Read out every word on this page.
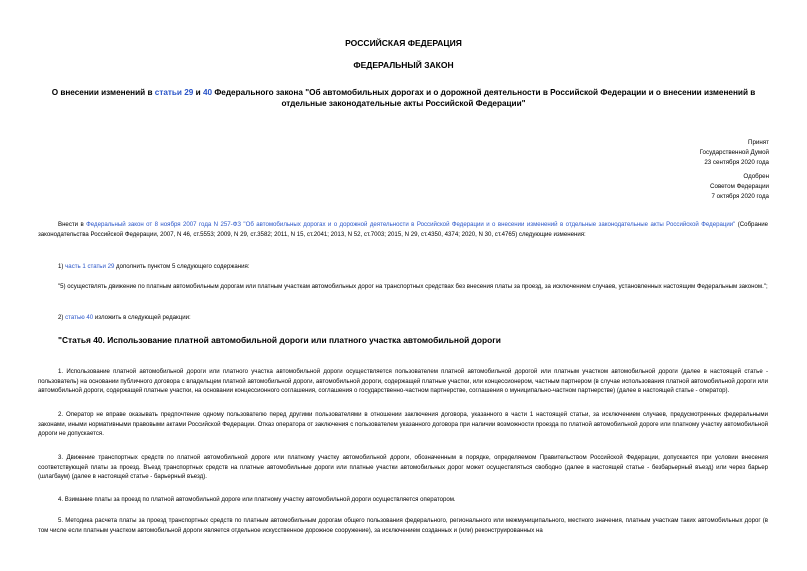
РОССИЙСКАЯ ФЕДЕРАЦИЯ
ФЕДЕРАЛЬНЫЙ ЗАКОН
О внесении изменений в статьи 29 и 40 Федерального закона "Об автомобильных дорогах и о дорожной деятельности в Российской Федерации и о внесении изменений в отдельные законодательные акты Российской Федерации"
Принят
Государственной Думой
23 сентября 2020 года
Одобрен
Советом Федерации
7 октября 2020 года
Внести в Федеральный закон от 8 ноября 2007 года N 257-ФЗ "Об автомобильных дорогах и о дорожной деятельности в Российской Федерации и о внесении изменений в отдельные законодательные акты Российской Федерации" (Собрание законодательства Российской Федерации, 2007, N 46, ст.5553; 2009, N 29, ст.3582; 2011, N 15, ст.2041; 2013, N 52, ст.7003; 2015, N 29, ст.4350, 4374; 2020, N 30, ст.4765) следующие изменения:
1) часть 1 статьи 29 дополнить пунктом 5 следующего содержания:
"5) осуществлять движение по платным автомобильным дорогам или платным участкам автомобильных дорог на транспортных средствах без внесения платы за проезд, за исключением случаев, установленных настоящим Федеральным законом.";
2) статью 40 изложить в следующей редакции:
"Статья 40. Использование платной автомобильной дороги или платного участка автомобильной дороги
1. Использование платной автомобильной дороги или платного участка автомобильной дороги осуществляется пользователем платной автомобильной дорогой или платным участком автомобильной дороги (далее в настоящей статье - пользователь) на основании публичного договора с владельцем платной автомобильной дороги, автомобильной дороги, содержащей платные участки, или концессионером, частным партнером (в случае использования платной автомобильной дороги или автомобильной дороги, содержащей платные участки, на основании концессионного соглашения, соглашения о государственно-частном партнерстве, соглашения о муниципально-частном партнерстве) (далее в настоящей статье - оператор).
2. Оператор не вправе оказывать предпочтение одному пользователю перед другими пользователями в отношении заключения договора, указанного в части 1 настоящей статьи, за исключением случаев, предусмотренных федеральными законами, иными нормативными правовыми актами Российской Федерации. Отказ оператора от заключения с пользователем указанного договора при наличии возможности проезда по платной автомобильной дороге или платному участку автомобильной дороги не допускается.
3. Движение транспортных средств по платной автомобильной дороге или платному участку автомобильной дороги, обозначенным в порядке, определяемом Правительством Российской Федерации, допускается при условии внесения соответствующей платы за проезд. Въезд транспортных средств на платные автомобильные дороги или платные участки автомобильных дорог может осуществляться свободно (далее в настоящей статье - безбарьерный въезд) или через барьер (шлагбаум) (далее в настоящей статье - барьерный въезд).
4. Взимание платы за проезд по платной автомобильной дороге или платному участку автомобильной дороги осуществляется оператором.
5. Методика расчета платы за проезд транспортных средств по платным автомобильным дорогам общего пользования федерального, регионального или межмуниципального, местного значения, платным участкам таких автомобильных дорог (в том числе если платным участком автомобильной дороги является отдельное искусственное дорожное сооружение), за исключением созданных и (или) реконструированных на
